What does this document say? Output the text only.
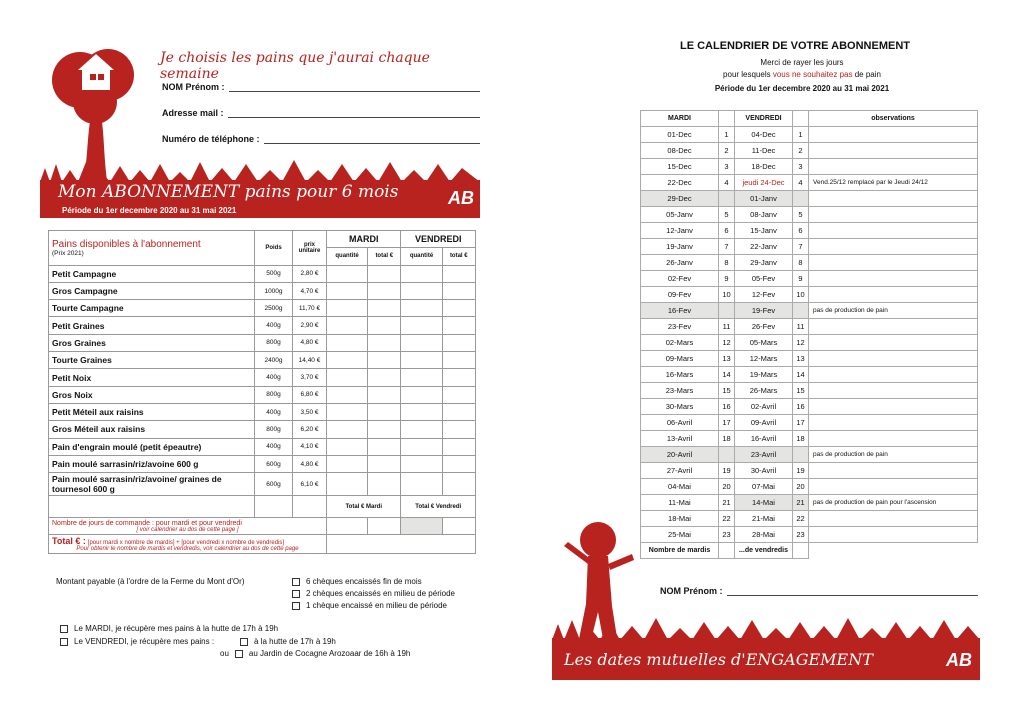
Je choisis les pains que j'aurai chaque semaine
NOM Prénom :
Adresse mail :
Numéro de téléphone :
Mon ABONNEMENT pains pour 6 mois
Période du 1er decembre 2020 au 31 mai 2021
AB
Pains disponibles à l'abonnement
(Prix 2021)	Poids	prix unitaire	MARDI		VENDREDI	
			quantité	total €	quantité	total €
Petit Campagne	500g	2,80 €				
Gros Campagne	1000g	4,70 €				
Tourte Campagne	2500g	11,70 €				
Petit Graines	400g	2,90 €				
Gros Graines	800g	4,80 €				
Tourte Graines	2400g	14,40 €				
Petit Noix	400g	3,70 €				
Gros Noix	800g	6,80 €				
Petit Méteil aux raisins	400g	3,50 €				
Gros Méteil aux raisins	800g	6,20 €				
Pain d'engrain moulé (petit épeautre)	400g	4,10 €				
Pain moulé sarrasin/riz/avoine 600 g	600g	4,80 €				
Pain moulé sarrasin/riz/avoine/ graines de tournesol 600 g	600g	6,10 €				
			Total € Mardi		Total € Vendredi	
Nombre de jours de commande : pour mardi et pour vendredi
[ voir calendrier au dos de cette page ]						

Total € : [pour mardi x nombre de mardis] + [pour vendredi x nombre de vendredis]
Pour obtenir le nombre de mardis et vendredis, voir calendrier au dos de cette page						

Montant payable (à l'ordre de la Ferme du Mont d'Or)	6 chèques encaissés fin de mois
2 chèques encaissés en milieu de période
1 chèque encaissé en milieu de période
Le MARDI, je récupère mes pains à la hutte de 17h à 19h
Le VENDREDI, je récupère mes pains :	à la hutte de 17h à 19h
ou	au Jardin de Cocagne Arozoaar de 16h à 19h
LE CALENDRIER DE VOTRE ABONNEMENT
Merci de rayer les jours
pour lesquels vous ne souhaitez pas de pain
Période du 1er decembre 2020 au 31 mai 2021
MARDI		VENDREDI		observations
01-Dec	1	04-Dec	1	
08-Dec	2	11-Dec	2	
15-Dec	3	18-Dec	3	
22-Dec	4	jeudi 24-Dec	4	Vend.25/12 remplacé par le Jeudi 24/12
29-Dec		01-Janv		
05-Janv	5	08-Janv	5	
12-Janv	6	15-Janv	6	
19-Janv	7	22-Janv	7	
26-Janv	8	29-Janv	8	
02-Fev	9	05-Fev	9	
09-Fev	10	12-Fev	10	
16-Fev		19-Fev		pas de production de pain
23-Fev	11	26-Fev	11	
02-Mars	12	05-Mars	12	
09-Mars	13	12-Mars	13	
16-Mars	14	19-Mars	14	
23-Mars	15	26-Mars	15	
30-Mars	16	02-Avril	16	
06-Avril	17	09-Avril	17	
13-Avril	18	16-Avril	18	
20-Avril		23-Avril		pas de production de pain
27-Avril	19	30-Avril	19	
04-Mai	20	07-Mai	20	
11-Mai	21	14-Mai	21	pas de production de pain pour l'ascension
18-Mai	22	21-Mai	22	
25-Mai	23	28-Mai	23	
Nombre de mardis		...de vendredis		
NOM Prénom :
Les dates mutuelles d'ENGAGEMENT	AB
